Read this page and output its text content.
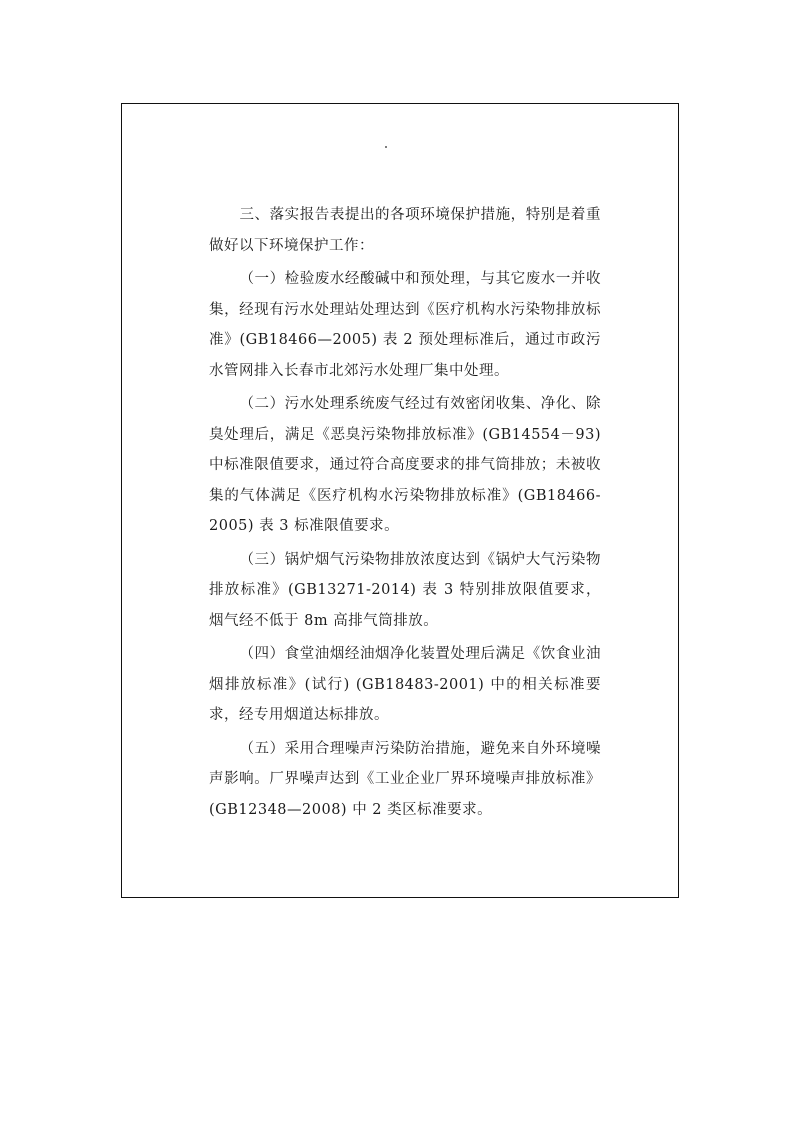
三、落实报告表提出的各项环境保护措施，特别是着重做好以下环境保护工作：

（一）检验废水经酸碱中和预处理，与其它废水一并收集，经现有污水处理站处理达到《医疗机构水污染物排放标准》(GB18466—2005) 表 2 预处理标准后，通过市政污水管网排入长春市北郊污水处理厂集中处理。

（二）污水处理系统废气经过有效密闭收集、净化、除臭处理后，满足《恶臭污染物排放标准》(GB14554－93) 中标准限值要求，通过符合高度要求的排气筒排放；未被收集的气体满足《医疗机构水污染物排放标准》(GB18466-2005) 表 3 标准限值要求。

（三）锅炉烟气污染物排放浓度达到《锅炉大气污染物排放标准》(GB13271-2014) 表 3 特别排放限值要求，烟气经不低于 8m 高排气筒排放。

（四）食堂油烟经油烟净化装置处理后满足《饮食业油烟排放标准》(试行) (GB18483-2001) 中的相关标准要求，经专用烟道达标排放。

（五）采用合理噪声污染防治措施，避免来自外环境噪声影响。厂界噪声达到《工业企业厂界环境噪声排放标准》(GB12348—2008) 中 2 类区标准要求。
